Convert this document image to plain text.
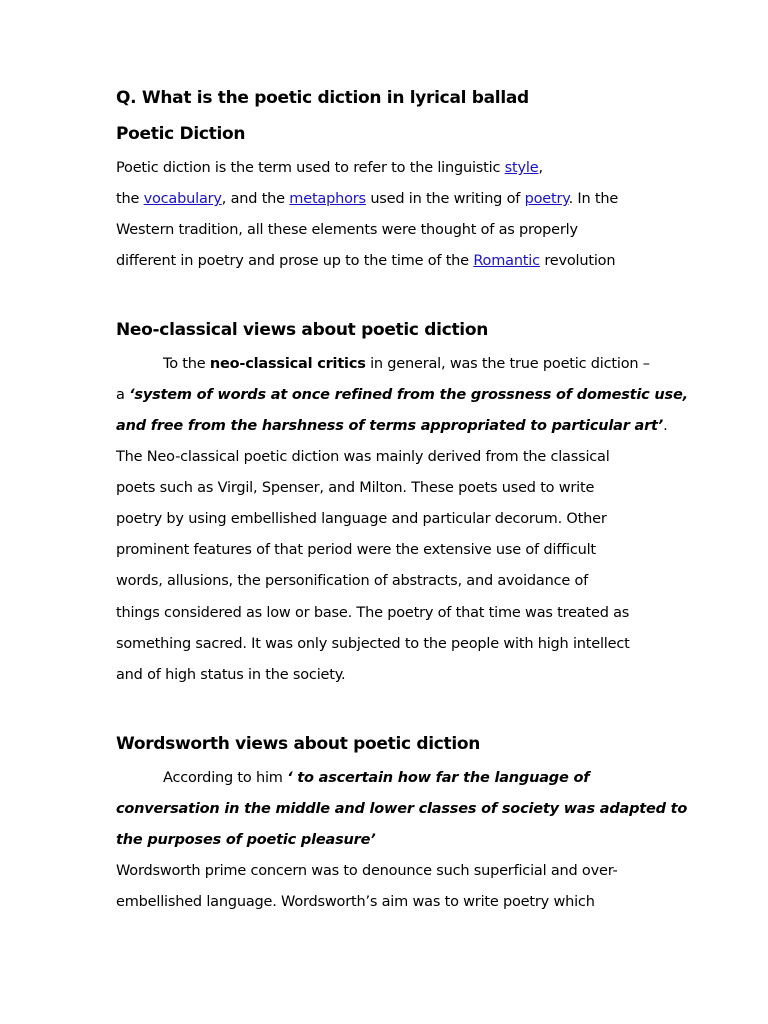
Q. What is the poetic diction in lyrical ballad
Poetic Diction
Poetic diction is the term used to refer to the linguistic style,
the vocabulary, and the metaphors used in the writing of poetry. In the
Western tradition, all these elements were thought of as properly
different in poetry and prose up to the time of the Romantic revolution
Neo-classical views about poetic diction
To the neo-classical critics in general, was the true poetic diction –
a ‘system of words at once refined from the grossness of domestic use,
and free from the harshness of terms appropriated to particular art’.
The Neo-classical poetic diction was mainly derived from the classical
poets such as Virgil, Spenser, and Milton. These poets used to write
poetry by using embellished language and particular decorum. Other
prominent features of that period were the extensive use of difficult
words, allusions, the personification of abstracts, and avoidance of
things considered as low or base. The poetry of that time was treated as
something sacred. It was only subjected to the people with high intellect
and of high status in the society.
Wordsworth views about poetic diction
According to him ‘ to ascertain how far the language of
conversation in the middle and lower classes of society was adapted to
the purposes of poetic pleasure’
Wordsworth prime concern was to denounce such superficial and over-
embellished language. Wordsworth’s aim was to write poetry which
